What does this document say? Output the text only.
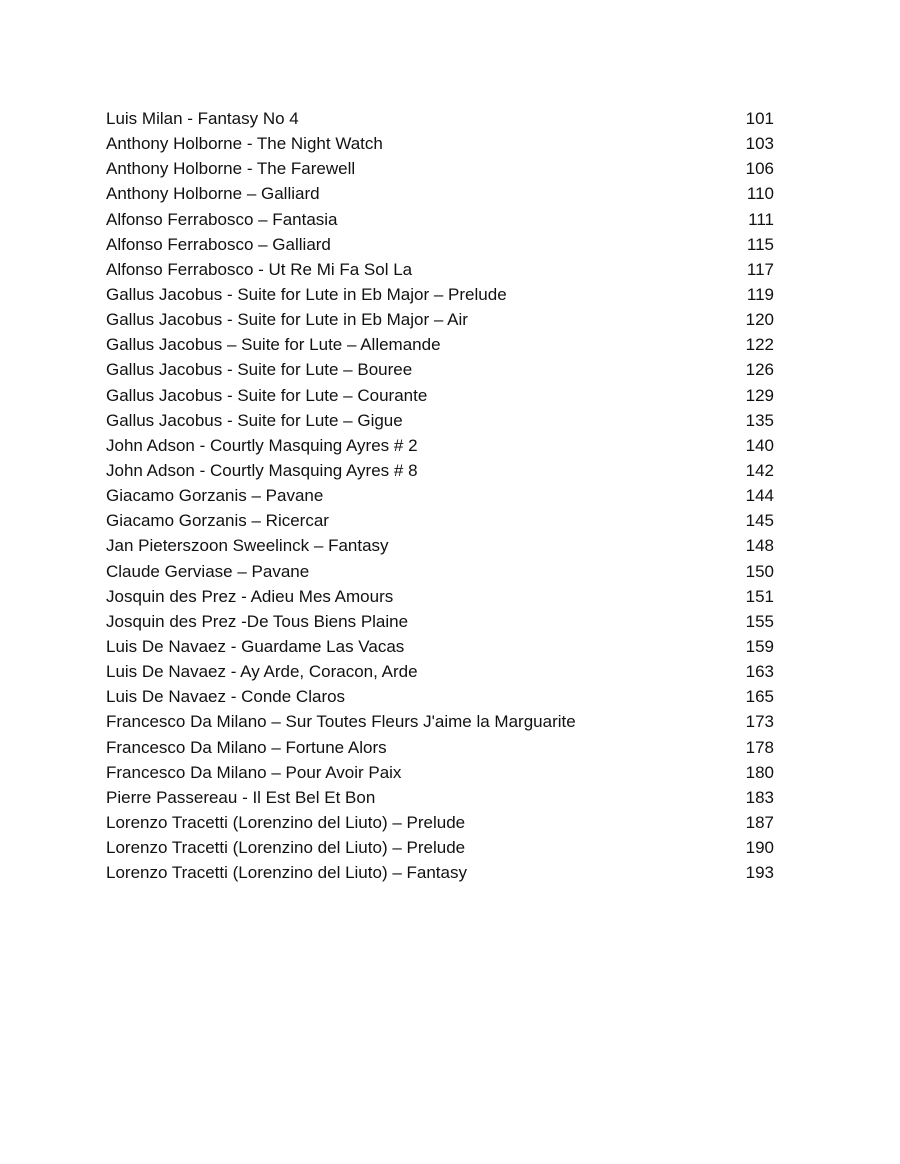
Luis Milan - Fantasy No 4	101
Anthony Holborne - The Night Watch	103
Anthony Holborne - The Farewell	106
Anthony Holborne – Galliard	110
Alfonso Ferrabosco – Fantasia	111
Alfonso Ferrabosco – Galliard	115
Alfonso Ferrabosco - Ut Re Mi Fa Sol La	117
Gallus Jacobus - Suite for Lute in Eb Major – Prelude	119
Gallus Jacobus - Suite for Lute in Eb Major – Air	120
Gallus Jacobus – Suite for Lute – Allemande	122
Gallus Jacobus - Suite for Lute – Bouree	126
Gallus Jacobus - Suite for Lute – Courante	129
Gallus Jacobus - Suite for Lute – Gigue	135
John Adson - Courtly Masquing Ayres # 2	140
John Adson - Courtly Masquing Ayres # 8	142
Giacamo Gorzanis – Pavane	144
Giacamo Gorzanis – Ricercar	145
Jan Pieterszoon Sweelinck – Fantasy	148
Claude Gerviase – Pavane	150
Josquin des Prez - Adieu Mes Amours	151
Josquin des Prez -De Tous Biens Plaine	155
Luis De Navaez - Guardame Las Vacas	159
Luis De Navaez - Ay Arde, Coracon, Arde	163
Luis De Navaez - Conde Claros	165
Francesco Da Milano – Sur Toutes Fleurs J'aime la Marguarite	173
Francesco Da Milano – Fortune Alors	178
Francesco Da Milano – Pour Avoir Paix	180
Pierre Passereau - Il Est Bel Et Bon	183
Lorenzo Tracetti (Lorenzino del Liuto) – Prelude	187
Lorenzo Tracetti (Lorenzino del Liuto) – Prelude	190
Lorenzo Tracetti (Lorenzino del Liuto) – Fantasy	193
